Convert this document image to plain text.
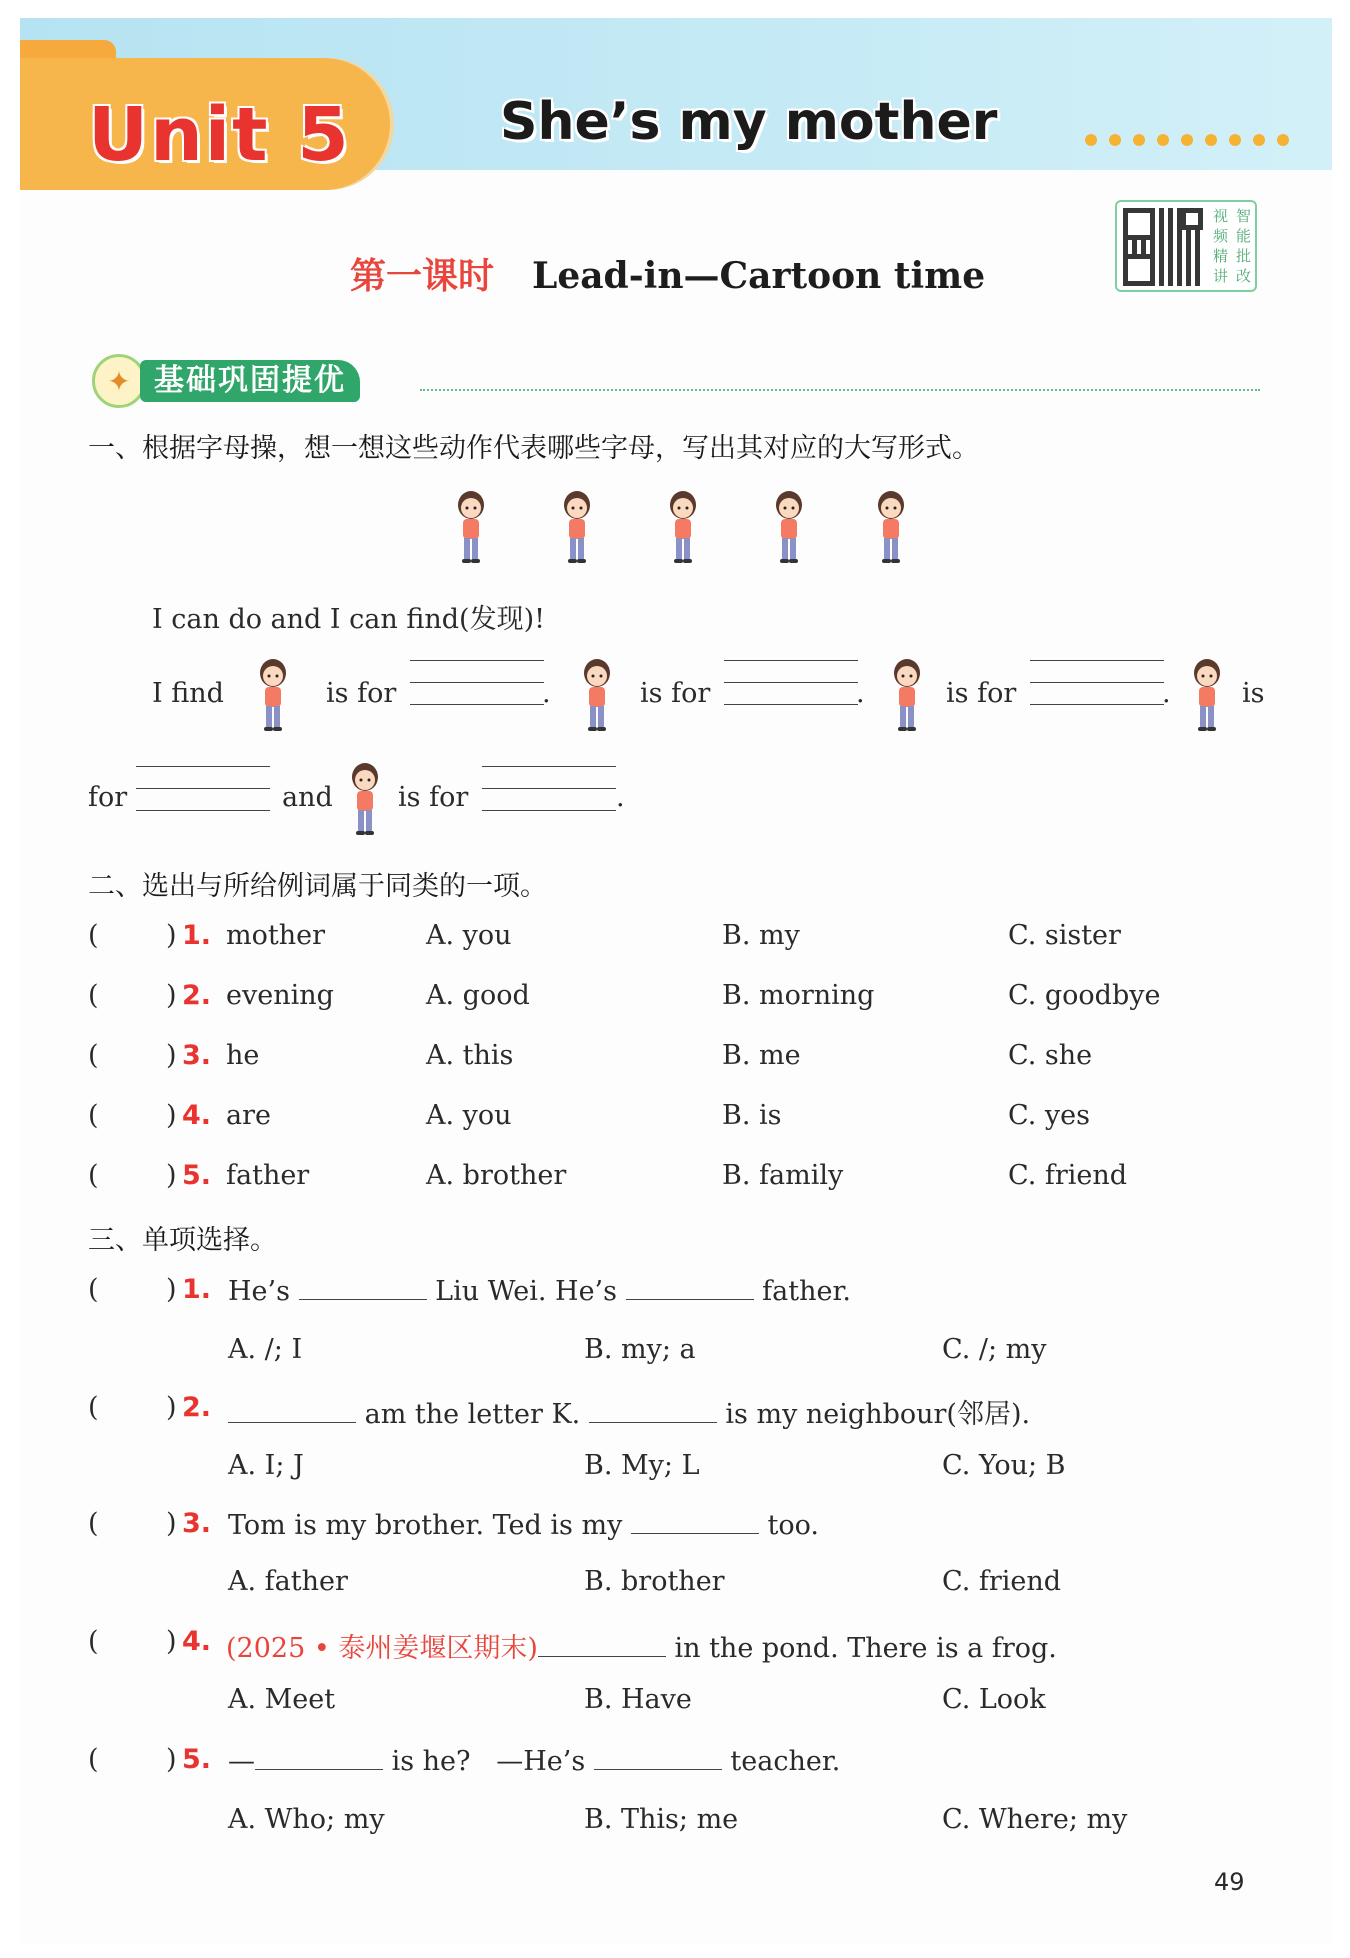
Unit 5	She’s my mother
第一课时 Lead-in—Cartoon time
视 智
频 能
精 批
讲 改
✦ 基础巩固提优
一、根据字母操，想一想这些动作代表哪些字母，写出其对应的大写形式。
I can do and I can find(发现)!
I find	is for	.	is for	.	is for	.	is
for	and is for	.
二、选出与所给例词属于同类的一项。
( ) 1. mother	A. you	B. my	C. sister
( ) 2. evening	A. good	B. morning	C. goodbye
( ) 3. he	A. this	B. me	C. she
( ) 4. are	A. you	B. is	C. yes
( ) 5. father	A. brother	B. family	C. friend
三、单项选择。
( ) 1. He’s	Liu Wei. He’s	father.
A. /; I	B. my; a	C. /; my
( ) 2.	am the letter K.	is my neighbour(邻居).
A. I; J	B. My; L	C. You; B
( ) 3. Tom is my brother. Ted is my	too.
A. father	B. brother	C. friend
( ) 4. (2025 • 泰州姜堰区期末)	in the pond. There is a frog.
A. Meet	B. Have	C. Look
( ) 5. —	is he? —He’s	teacher.
A. Who; my	B. This; me	C. Where; my
49
